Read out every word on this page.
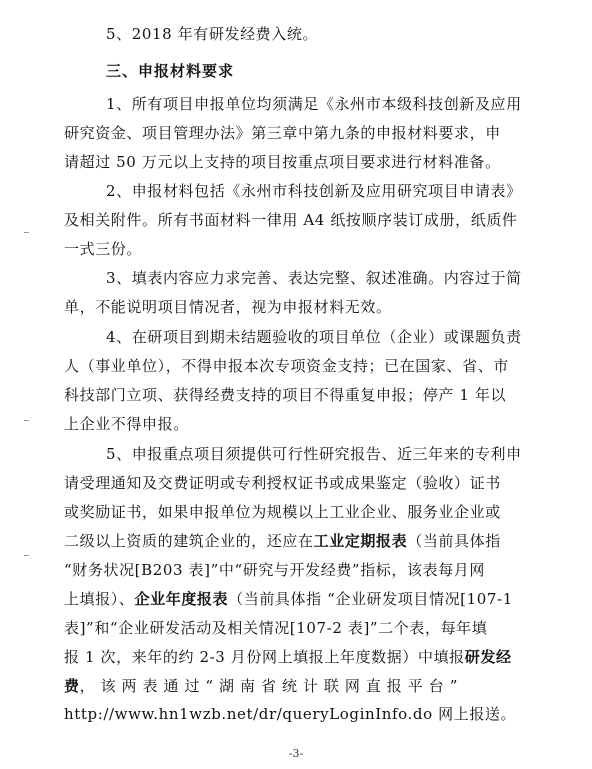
5、2018 年有研发经费入统。
三、申报材料要求
1、所有项目申报单位均须满足《永州市本级科技创新及应用
研究资金、项目管理办法》第三章中第九条的申报材料要求，申
请超过 50 万元以上支持的项目按重点项目要求进行材料准备。
2、申报材料包括《永州市科技创新及应用研究项目申请表》
及相关附件。所有书面材料一律用 A4 纸按顺序装订成册，纸质件
一式三份。
3、填表内容应力求完善、表达完整、叙述准确。内容过于简
单，不能说明项目情况者，视为申报材料无效。
4、在研项目到期未结题验收的项目单位（企业）或课题负责
人（事业单位），不得申报本次专项资金支持；已在国家、省、市
科技部门立项、获得经费支持的项目不得重复申报；停产 1 年以
上企业不得申报。
5、申报重点项目须提供可行性研究报告、近三年来的专利申
请受理通知及交费证明或专利授权证书或成果鉴定（验收）证书
或奖励证书，如果申报单位为规模以上工业企业、服务业企业或
二级以上资质的建筑企业的，还应在工业定期报表（当前具体指
“财务状况[B203 表]”中“研究与开发经费”指标，该表每月网
上填报）、企业年度报表（当前具体指 “企业研发项目情况[107-1
表]”和“企业研发活动及相关情况[107-2 表]”二个表，每年填
报 1 次，来年的约 2-3 月份网上填报上年度数据）中填报研发经
费， 该 两 表 通 过 “ 湖 南 省 统 计 联 网 直 报 平 台 ”
http://www.hn1wzb.net/dr/queryLoginInfo.do 网上报送。
-3-
